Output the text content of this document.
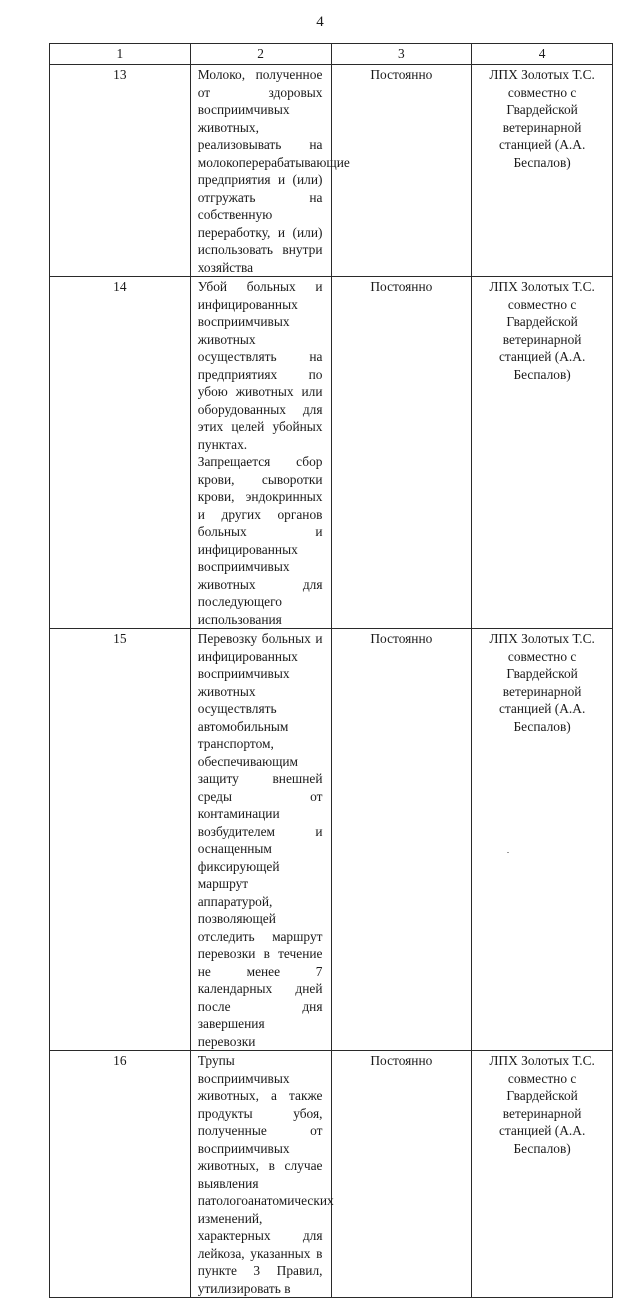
4
1	2	3	4
13	Молоко, полученное от здоровых восприимчивых животных, реализовывать на молокоперерабатывающие предприятия и (или) отгружать на собственную переработку, и (или) использовать внутри хозяйства	Постоянно	ЛПХ Золотых Т.С. совместно с Гвардейской ветеринарной станцией (А.А. Беспалов)
14	Убой больных и инфицированных восприимчивых животных осуществлять на предприятиях по убою животных или оборудованных для этих целей убойных пунктах. Запрещается сбор крови, сыворотки крови, эндокринных и других органов больных и инфицированных восприимчивых животных для последующего использования	Постоянно	ЛПХ Золотых Т.С. совместно с Гвардейской ветеринарной станцией (А.А. Беспалов)
15	Перевозку больных и инфицированных восприимчивых животных осуществлять автомобильным транспортом, обеспечивающим защиту внешней среды от контаминации возбудителем и оснащенным фиксирующей маршрут аппаратурой, позволяющей отследить маршрут перевозки в течение не менее 7 календарных дней после дня завершения перевозки	Постоянно	ЛПХ Золотых Т.С. совместно с Гвардейской ветеринарной станцией (А.А. Беспалов)
16	Трупы восприимчивых животных, а также продукты убоя, полученные от восприимчивых животных, в случае выявления патологоанатомических изменений, характерных для лейкоза, указанных в пункте 3 Правил, утилизировать в	Постоянно	ЛПХ Золотых Т.С. совместно с Гвардейской ветеринарной станцией (А.А. Беспалов)
